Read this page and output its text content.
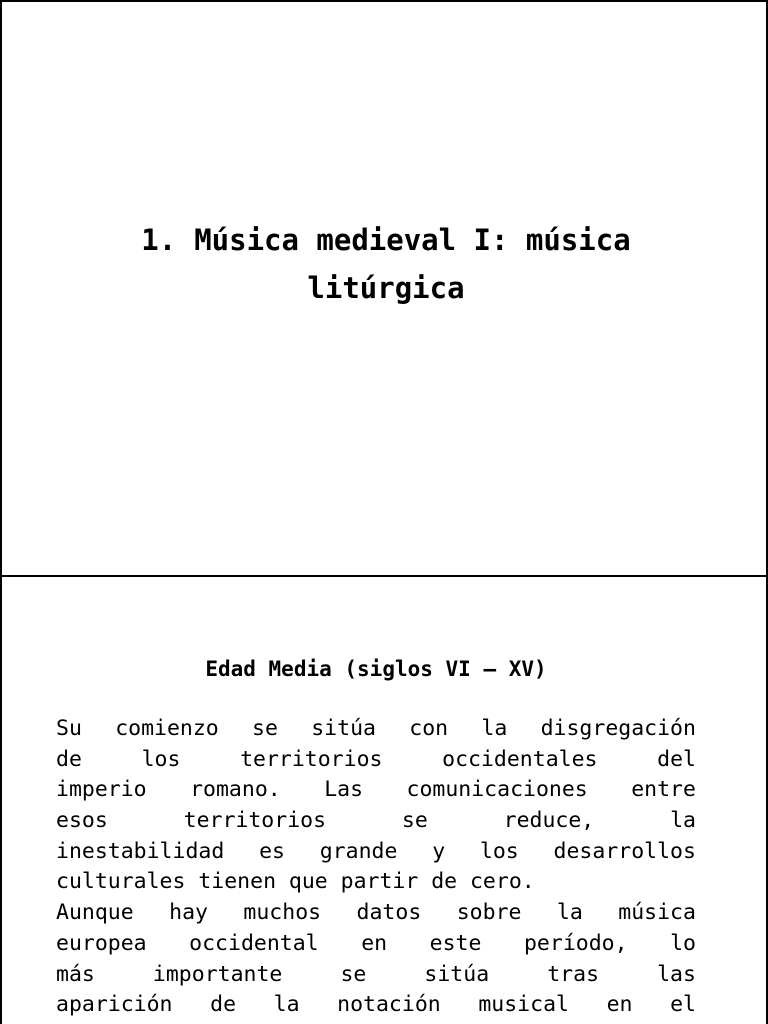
1. Música medieval I: música
litúrgica
Edad Media (siglos VI – XV)
Su comienzo se sitúa con la disgregación
de	los	territorios	occidentales	del
imperio romano. Las comunicaciones entre
esos	territorios	se	reduce,	la
inestabilidad es grande y los desarrollos
culturales tienen que partir de cero.
Aunque hay muchos datos sobre la música
europea occidental en este período, lo
más	importante	se	sitúa	tras	las
aparición de la notación musical en el
